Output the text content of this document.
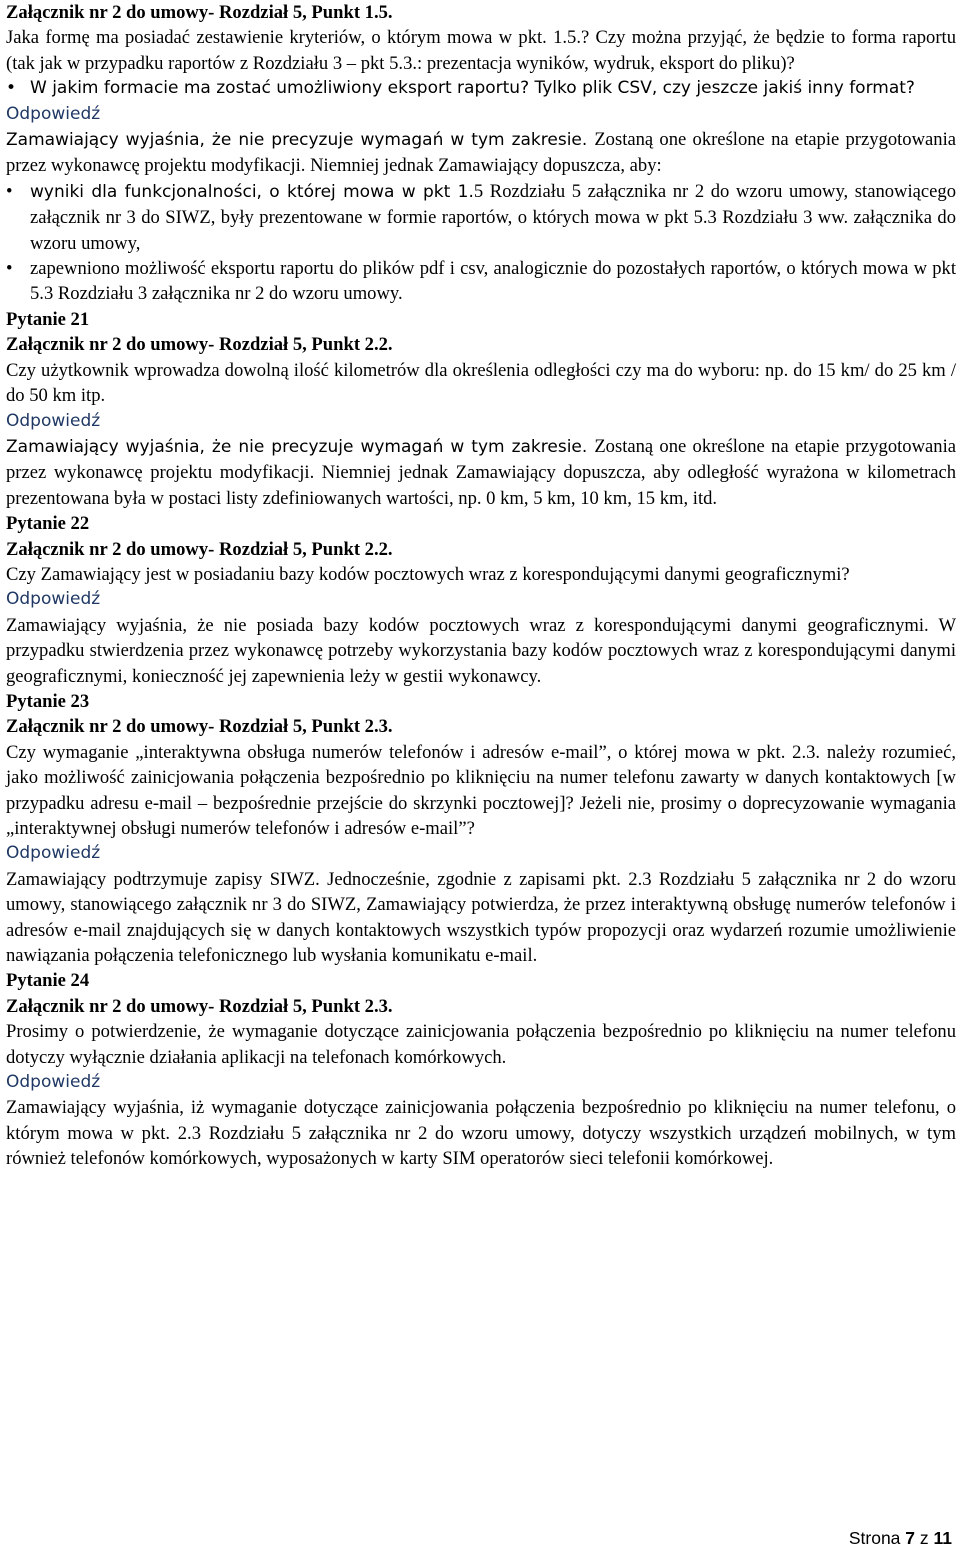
Załącznik nr 2 do umowy- Rozdział 5, Punkt 1.5.

Jaka formę ma posiadać zestawienie kryteriów, o którym mowa w pkt. 1.5.? Czy można przyjąć, że będzie to forma raportu (tak jak w przypadku raportów z Rozdziału 3 – pkt 5.3.: prezentacja wyników, wydruk, eksport do pliku)?

• W jakim formacie ma zostać umożliwiony eksport raportu? Tylko plik CSV, czy jeszcze jakiś inny format?

Odpowiedź

Zamawiający wyjaśnia, że nie precyzuje wymagań w tym zakresie. Zostaną one określone na etapie przygotowania przez wykonawcę projektu modyfikacji. Niemniej jednak Zamawiający dopuszcza, aby:

• wyniki dla funkcjonalności, o której mowa w pkt 1.5 Rozdziału 5 załącznika nr 2 do wzoru umowy, stanowiącego załącznik nr 3 do SIWZ, były prezentowane w formie raportów, o których mowa w pkt 5.3 Rozdziału 3 ww. załącznika do wzoru umowy,
• zapewniono możliwość eksportu raportu do plików pdf i csv, analogicznie do pozostałych raportów, o których mowa w pkt 5.3 Rozdziału 3 załącznika nr 2 do wzoru umowy.

Pytanie 21

Załącznik nr 2 do umowy- Rozdział 5, Punkt 2.2.

Czy użytkownik wprowadza dowolną ilość kilometrów dla określenia odległości czy ma do wyboru: np. do 15 km/ do 25 km / do 50 km itp.

Odpowiedź

Zamawiający wyjaśnia, że nie precyzuje wymagań w tym zakresie. Zostaną one określone na etapie przygotowania przez wykonawcę projektu modyfikacji. Niemniej jednak Zamawiający dopuszcza, aby odległość wyrażona w kilometrach prezentowana była w postaci listy zdefiniowanych wartości, np. 0 km, 5 km, 10 km, 15 km, itd.

Pytanie 22

Załącznik nr 2 do umowy- Rozdział 5, Punkt 2.2.

Czy Zamawiający jest w posiadaniu bazy kodów pocztowych wraz z korespondującymi danymi geograficznymi?

Odpowiedź

Zamawiający wyjaśnia, że nie posiada bazy kodów pocztowych wraz z korespondującymi danymi geograficznymi. W przypadku stwierdzenia przez wykonawcę potrzeby wykorzystania bazy kodów pocztowych wraz z korespondującymi danymi geograficznymi, konieczność jej zapewnienia leży w gestii wykonawcy.

Pytanie 23

Załącznik nr 2 do umowy- Rozdział 5, Punkt 2.3.

Czy wymaganie „interaktywna obsługa numerów telefonów i adresów e-mail”, o której mowa w pkt. 2.3. należy rozumieć, jako możliwość zainicjowania połączenia bezpośrednio po kliknięciu na numer telefonu zawarty w danych kontaktowych [w przypadku adresu e-mail – bezpośrednie przejście do skrzynki pocztowej]? Jeżeli nie, prosimy o doprecyzowanie wymagania „interaktywnej obsługi numerów telefonów i adresów e-mail”?

Odpowiedź

Zamawiający podtrzymuje zapisy SIWZ. Jednocześnie, zgodnie z zapisami pkt. 2.3 Rozdziału 5 załącznika nr 2 do wzoru umowy, stanowiącego załącznik nr 3 do SIWZ, Zamawiający potwierdza, że przez interaktywną obsługę numerów telefonów i adresów e-mail znajdujących się w danych kontaktowych wszystkich typów propozycji oraz wydarzeń rozumie umożliwienie nawiązania połączenia telefonicznego lub wysłania komunikatu e-mail.

Pytanie 24

Załącznik nr 2 do umowy- Rozdział 5, Punkt 2.3.

Prosimy o potwierdzenie, że wymaganie dotyczące zainicjowania połączenia bezpośrednio po kliknięciu na numer telefonu dotyczy wyłącznie działania aplikacji na telefonach komórkowych.

Odpowiedź

Zamawiający wyjaśnia, iż wymaganie dotyczące zainicjowania połączenia bezpośrednio po kliknięciu na numer telefonu, o którym mowa w pkt. 2.3 Rozdziału 5 załącznika nr 2 do wzoru umowy, dotyczy wszystkich urządzeń mobilnych, w tym również telefonów komórkowych, wyposażonych w karty SIM operatorów sieci telefonii komórkowej.

Strona 7 z 11
